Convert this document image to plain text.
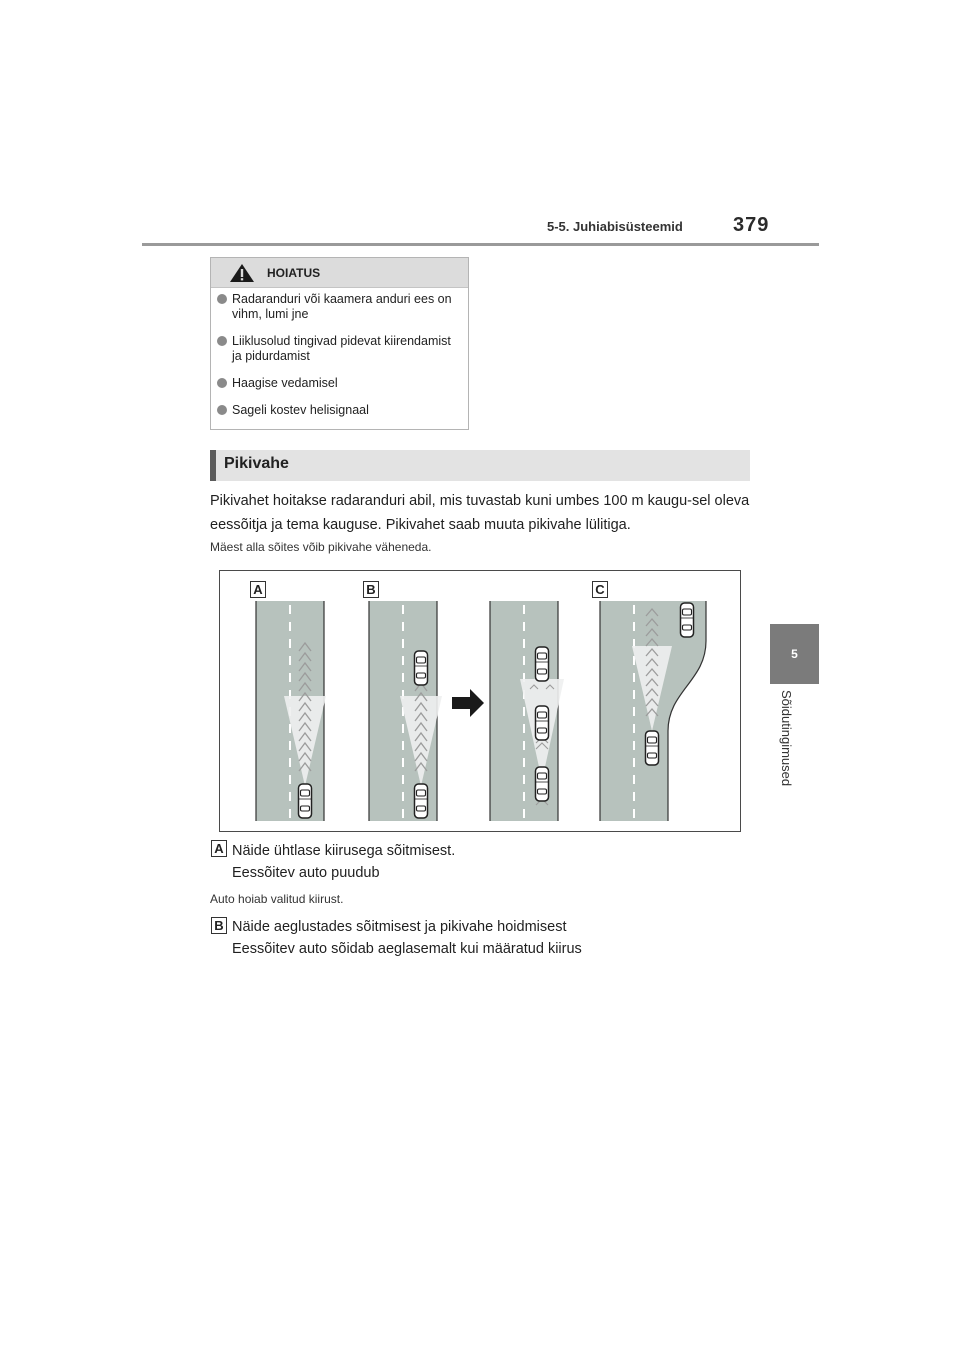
5-5. Juhiabisüsteemid	379
5
Sõidutingimused
HOIATUS
Radaranduri või kaamera anduri ees on vihm, lumi jne
Liiklusolud tingivad pidevat kiirendamist ja pidurdamist
Haagise vedamisel
Sageli kostev helisignaal
Pikivahe
Pikivahet hoitakse radaranduri abil, mis tuvastab kuni umbes 100 m kaugu-sel oleva eessõitja ja tema kauguse. Pikivahet saab muuta pikivahe lülitiga.
Mäest alla sõites võib pikivahe väheneda.
A	B	C
A Näide ühtlase kiirusega sõitmisest.
Eessõitev auto puudub
Auto hoiab valitud kiirust.
B Näide aeglustades sõitmisest ja pikivahe hoidmisest
Eessõitev auto sõidab aeglasemalt kui määratud kiirus
